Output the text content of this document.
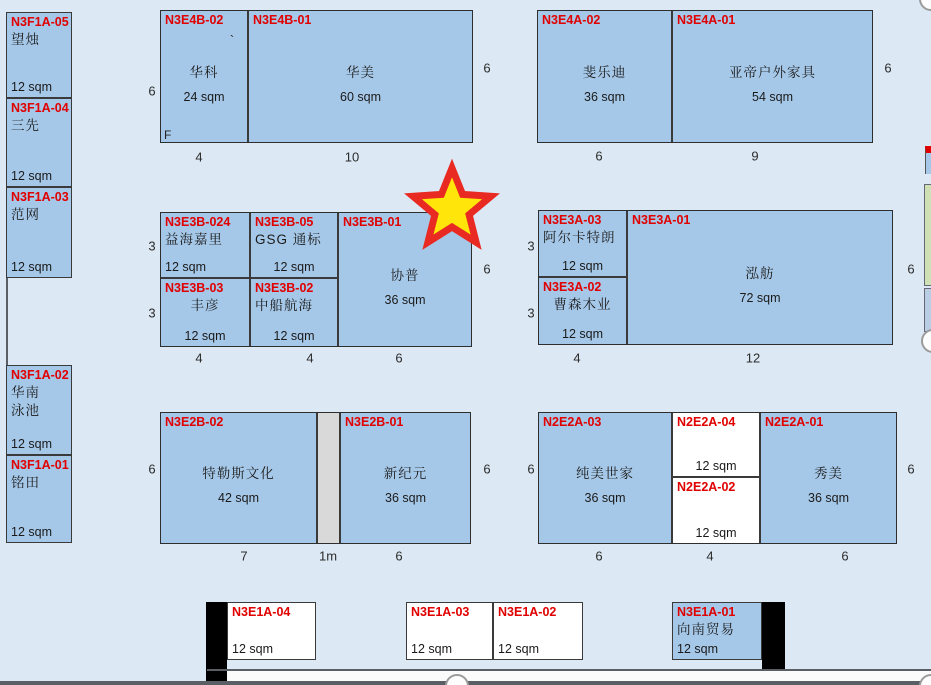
N3F1A-05
望烛
12 sqm
N3F1A-04
三先
12 sqm
N3F1A-03
范网
12 sqm
N3F1A-02
华南
泳池
12 sqm
N3F1A-01
铭田
12 sqm
N3E4B-02
华科
24 sqm
F
N3E4B-01
华美
60 sqm
N3E4A-02
斐乐迪
36 sqm
N3E4A-01
亚帝户外家具
54 sqm
N3E3B-024
益海嘉里
12 sqm
N3E3B-05
GSG 通标
12 sqm
N3E3B-01
协普
36 sqm
N3E3B-03
丰彦
12 sqm
N3E3B-02
中船航海
12 sqm
N3E3A-03
阿尔卡特朗
12 sqm
N3E3A-01
泓舫
72 sqm
N3E3A-02
曹森木业
12 sqm
N3E2B-02
特勒斯文化
42 sqm
N3E2B-01
新纪元
36 sqm
N2E2A-03
纯美世家
36 sqm
N2E2A-04
12 sqm
N2E2A-02
12 sqm
N2E2A-01
秀美
36 sqm
N3E1A-04
12 sqm
N3E1A-03
12 sqm
N3E1A-02
12 sqm
N3E1A-01
向南贸易
12 sqm
6
4	10
6
6	9
6
3
3
4	4	6
6
3
3
4	12
6
6
7	1m	6
6	6
6	4	6
6
`
